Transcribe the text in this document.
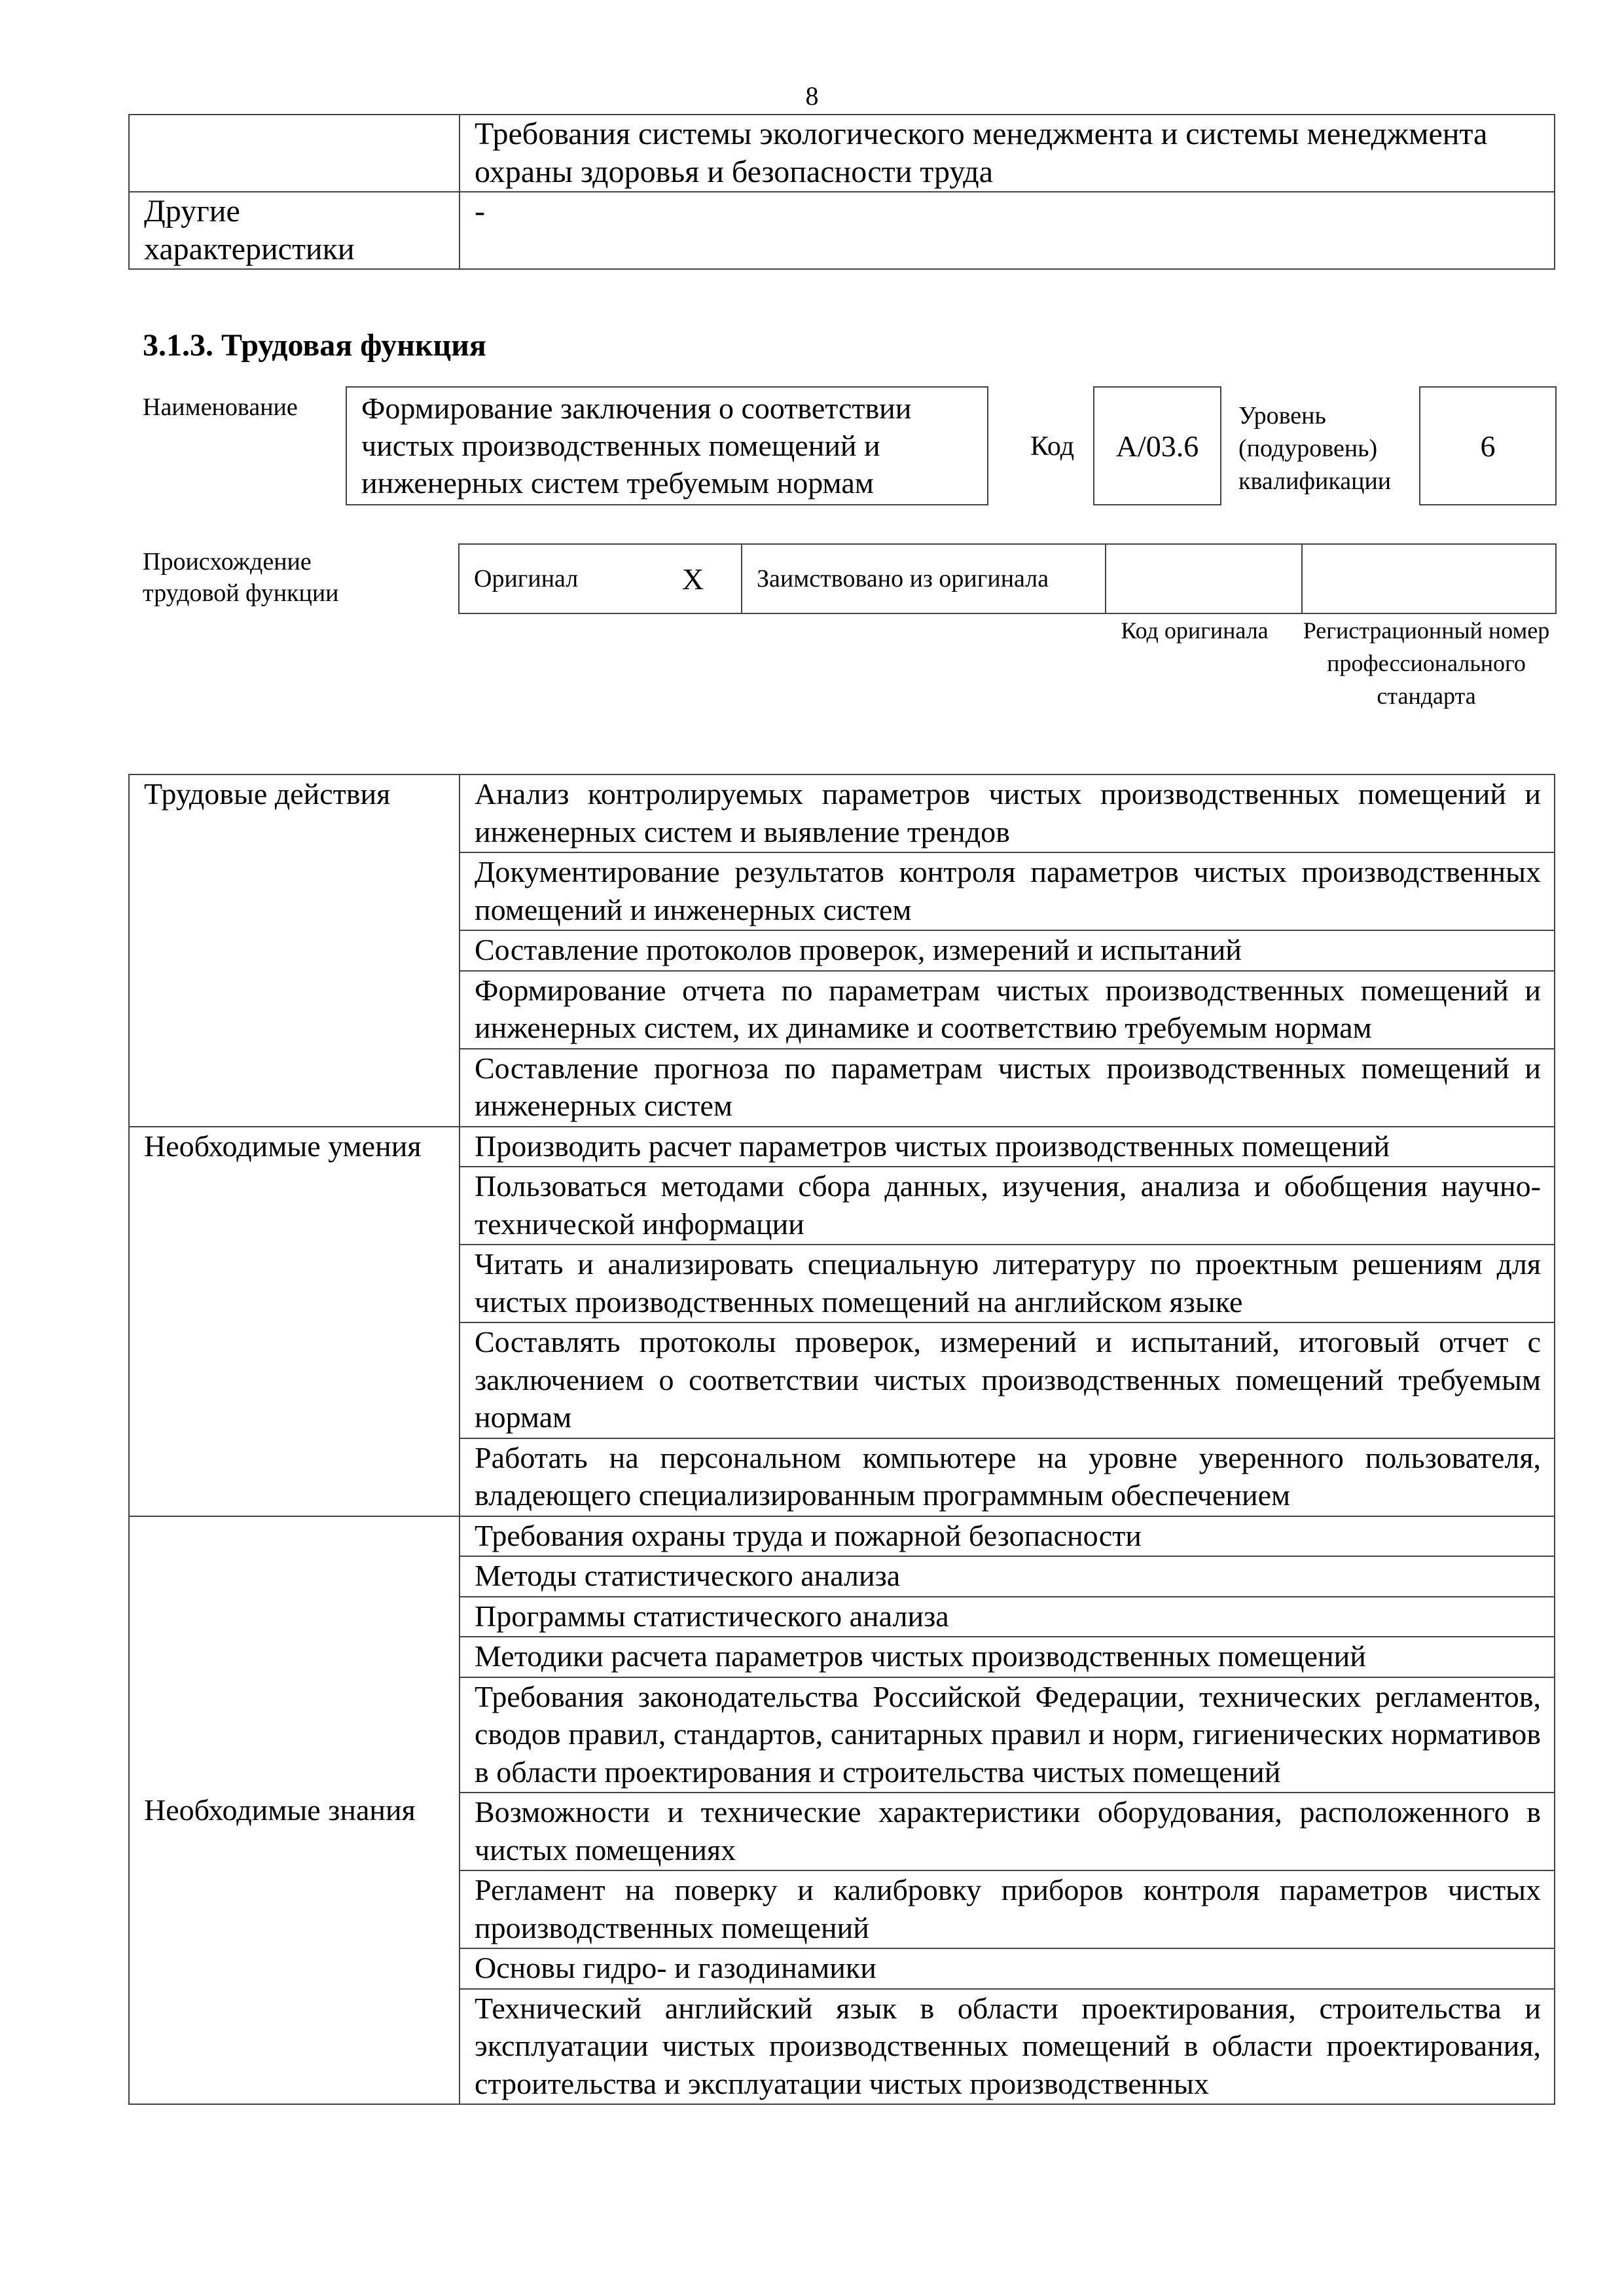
8
	Требования системы экологического менеджмента и системы менеджмента охраны здоровья и безопасности труда
Другие характеристики	-
3.1.3. Трудовая функция
Наименование	Формирование заключения о соответствии чистых производственных помещений и инженерных систем требуемым нормам
Код	А/03.6
Уровень (подуровень) квалификации
6
Происхождение трудовой функции
Оригинал	X	Заимствовано из оригинала
Код оригинала	Регистрационный номер профессионального стандарта
Трудовые действия	Анализ контролируемых параметров чистых производственных помещений и инженерных систем и выявление трендов
	Документирование результатов контроля параметров чистых производственных помещений и инженерных систем
	Составление протоколов проверок, измерений и испытаний
	Формирование отчета по параметрам чистых производственных помещений и инженерных систем, их динамике и соответствию требуемым нормам
	Составление прогноза по параметрам чистых производственных помещений и инженерных систем
Необходимые умения	Производить расчет параметров чистых производственных помещений
	Пользоваться методами сбора данных, изучения, анализа и обобщения научно-технической информации
	Читать и анализировать специальную литературу по проектным решениям для чистых производственных помещений на английском языке
	Составлять протоколы проверок, измерений и испытаний, итоговый отчет с заключением о соответствии чистых производственных помещений требуемым нормам
	Работать на персональном компьютере на уровне уверенного пользователя, владеющего специализированным программным обеспечением
Необходимые знания	Требования охраны труда и пожарной безопасности
	Методы статистического анализа
	Программы статистического анализа
	Методики расчета параметров чистых производственных помещений
	Требования законодательства Российской Федерации, технических регламентов, сводов правил, стандартов, санитарных правил и норм, гигиенических нормативов в области проектирования и строительства чистых помещений
	Возможности и технические характеристики оборудования, расположенного в чистых помещениях
	Регламент на поверку и калибровку приборов контроля параметров чистых производственных помещений
	Основы гидро- и газодинамики
	Технический английский язык в области проектирования, строительства и эксплуатации чистых производственных помещений в области проектирования, строительства и эксплуатации чистых производственных
